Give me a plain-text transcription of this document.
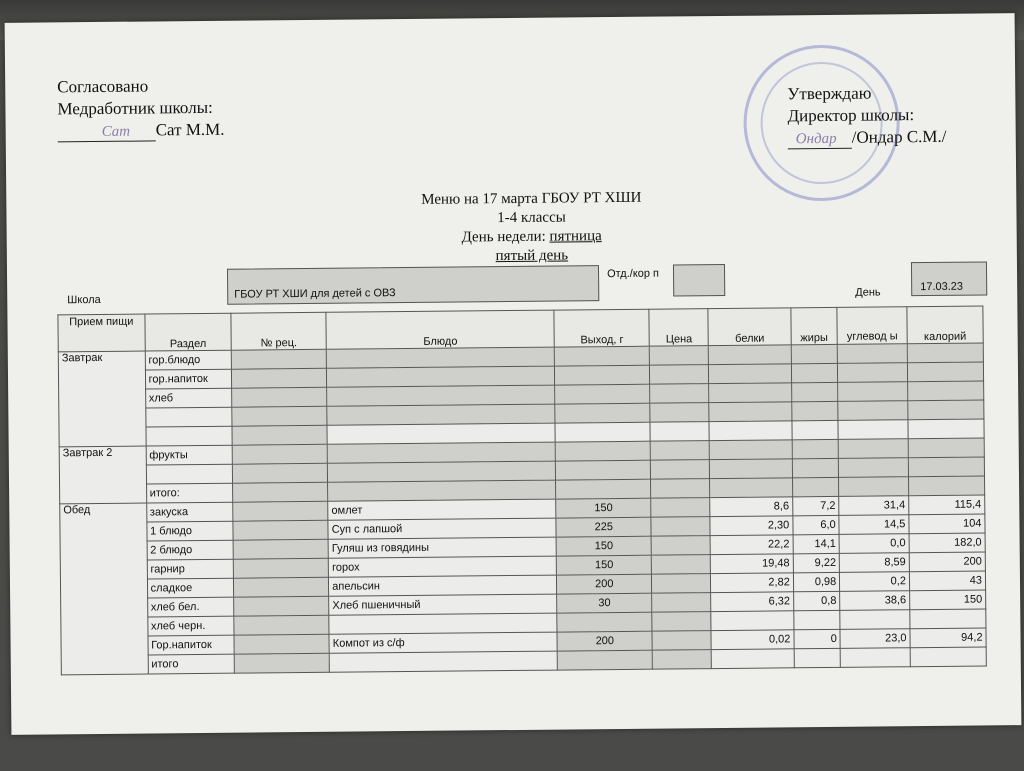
Согласовано
Медработник школы:
Сат Сат М.М.
Утверждаю
Директор школы:
Ондар /Ондар С.М./
Меню на 17 марта ГБОУ РТ ХШИ
1-4 классы
День недели: пятница
пятый день
Школа	ГБОУ РТ ХШИ для детей с ОВЗ
Отд./кор п
День	17.03.23
Прием пищи	Раздел	№ рец.	Блюдо	Выход, г	Цена	белки	жиры	углевод ы	калорий
Завтрак	гор.блюдо								
	гор.напиток								
	хлеб								

Завтрак 2	фрукты								

	итого:								
Обед	закуска		омлет	150		8,6	7,2	31,4	115,4
	1 блюдо		Суп с лапшой	225		2,30	6,0	14,5	104
	2 блюдо		Гуляш из говядины	150		22,2	14,1	0,0	182,0
	гарнир		горох	150		19,48	9,22	8,59	200
	сладкое		апельсин	200		2,82	0,98	0,2	43
	хлеб бел.		Хлеб пшеничный	30		6,32	0,8	38,6	150
	хлеб черн.								
	Гор.напиток		Компот из с/ф	200		0,02	0	23,0	94,2
	итого								
